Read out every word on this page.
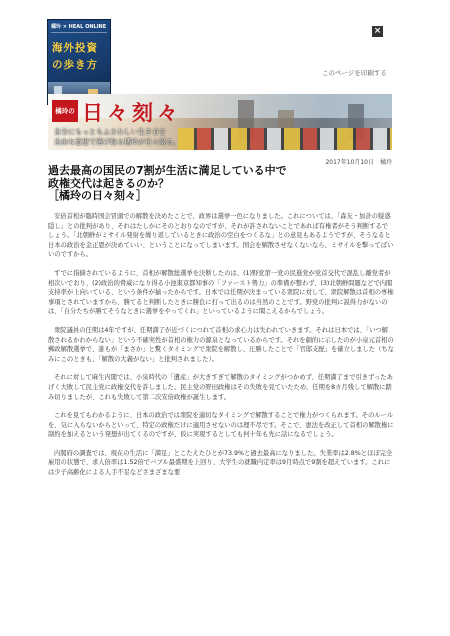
橘玲 × HEAL ONLINE
海外投資
の歩き方
×
このページを印刷する
橘玲の 日々刻々
自分にもっともふさわしい生き方を
自由な意思で選び取る橘玲が日々綴る。
2017年10月10日　橘玲
過去最高の国民の7割が生活に満足している中で
政権交代は起きるのか？
［橘玲の日々刻々］

安倍首相が臨時国会冒頭での解散を決めたことで、政界は選挙一色になりました。これについては、「森友・加計の疑惑隠し」との批判があり、それはたしかにそのとおりなのですが、それが許されないことであれば有権者がそう判断するでしょう。「北朝鮮がミサイル発射を繰り返しているときに政治の空白をつくるな」との意見もあるようですが、そうなると日本の政治を金正恩が決めていい、ということになってしまいます。国会を解散させなくないなら、ミサイルを撃ってばいいのですから。

すでに指摘されているように、首相が解散総選挙を決断したのは、(1)野党第一党の民進党が党首交代で混乱し離党者が相次いでおり、(2)政治的脅威になり得る小池東京都知事の「ファースト勢力」の準備が整わず、(3)北朝鮮問題などで内閣支持率が上向いている、という条件が揃ったからです。日本では任期が決まっている衆院に対して、衆院解散は首相の専権事項とされていますから、勝てると判断したときに勝負に打って出るのは当然のことです。野党の批判に説得力がないのは、「自分たちが勝てそうなときに選挙をやってくれ」といっているように聞こえるからでしょう。

衆院議員の任期は4年ですが、任期満了が近づくにつれて首相の求心力は失われていきます。それは日本では、「いつ解散されるかわからない」という不確実性が首相の権力の源泉となっているからです。それを劇的に示したのが小泉元首相の郵政解散選挙で、誰もが「まさか」と驚くタイミングで衆院を解散し、圧勝したことで「官邸支配」を確立しました（ちなみにこのときも、「解散の大義がない」と批判されました）。

それに対して麻生内閣では、小泉時代の「遺産」が大きすぎて解散のタイミングがつかめず、任期満了まで引きずったあげく大敗して民主党に政権交代を許しました。民主党の野田政権はその失敗を見ていたため、任期を8カ月残して解散に踏み切りましたが、これも失敗して第二次安倍政権が誕生します。

これを見てもわかるように、日本の政治では衆院を適切なタイミングで解散することで権力がつくられます。そのルールを、気に入らないからといって、特定の政権だけに適用させないのは理不尽です。そこで、憲法を改正して首相の解散権に制約を加えるという発想が出てくるのですが、仮に実現するとしても何十年も先に話になるでしょう。

内閣府の調査では、現在の生活に「満足」とこたえたひとが73.9%と過去最高になりました。失業率は2.8%とほぼ完全雇用の状態で、求人倍率は1.52倍でバブル最盛期を上回り、大学生の就職内定率は9月時点で9割を超えています。これには少子高齢化による人手不足などさまざまな要
